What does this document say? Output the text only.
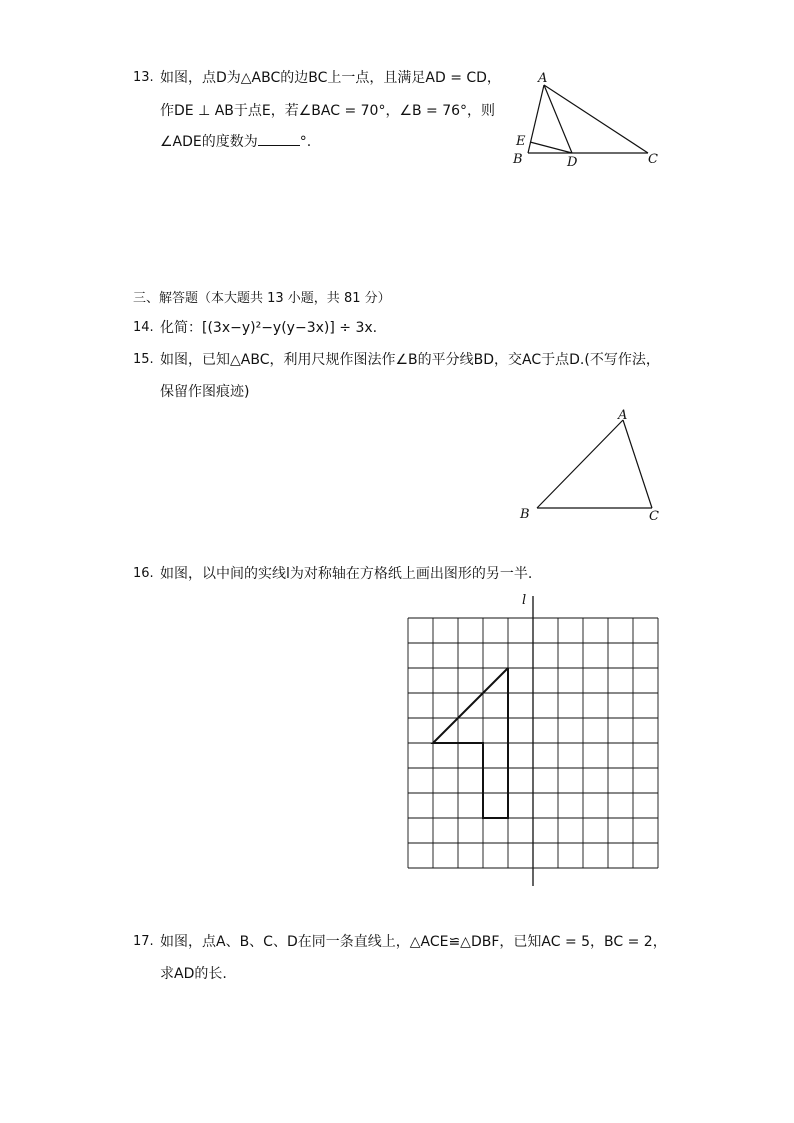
13. 如图，点D为△ABC的边BC上一点，且满足AD = CD，
作DE ⊥ AB于点E，若∠BAC = 70°，∠B = 76°，则
∠ADE的度数为	°.
A
E
B	D	C
三、解答题（本大题共 13 小题，共 81 分）
14. 化简：[(3x−y)²−y(y−3x)] ÷ 3x.
15. 如图，已知△ABC，利用尺规作图法作∠B的平分线BD，交AC于点D.(不写作法，
保留作图痕迹)
A
B	C
16. 如图，以中间的实线l为对称轴在方格纸上画出图形的另一半.
l
17. 如图，点A、B、C、D在同一条直线上，△ACE≌△DBF，已知AC = 5，BC = 2，
求AD的长.
